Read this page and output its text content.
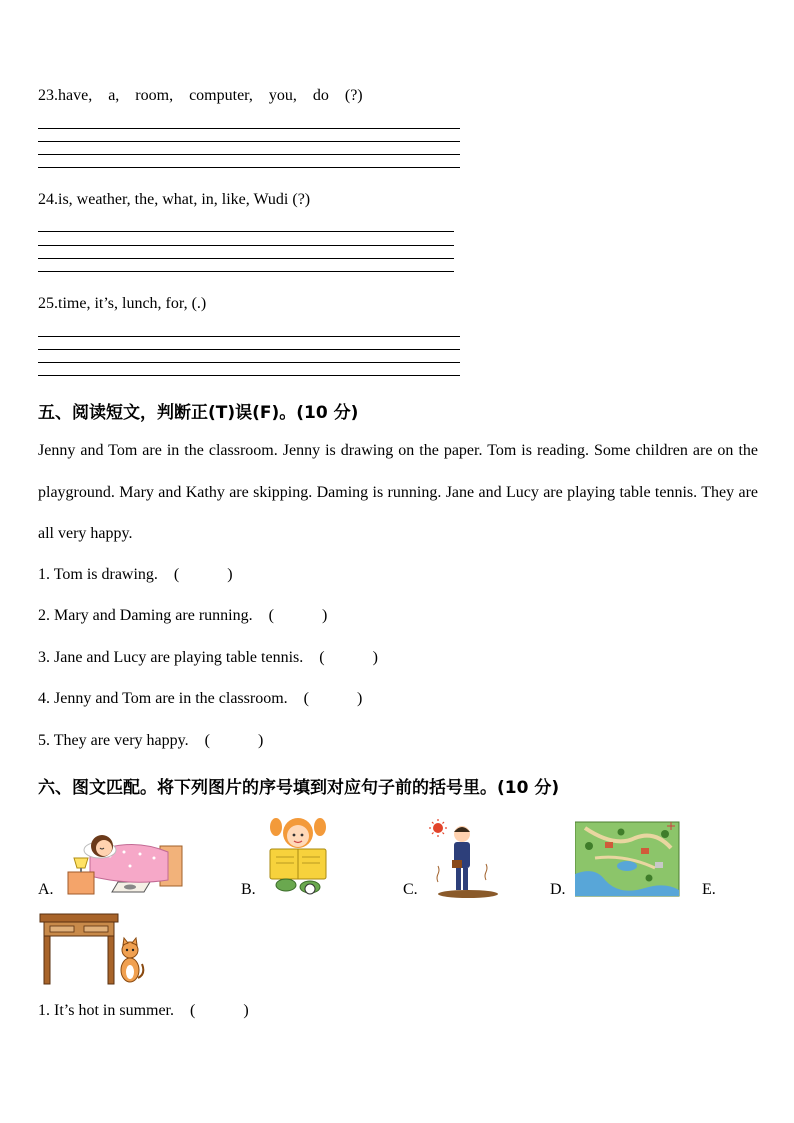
23.have,    a,    room,    computer,    you,    do    (?)
24.is, weather, the, what, in, like, Wudi (?)
25.time, it’s, lunch, for, (.)
五、阅读短文，判断正(T)误(F)。(10 分)
Jenny and Tom are in the classroom. Jenny is drawing on the paper. Tom is reading. Some children are on the playground. Mary and Kathy are skipping. Daming is running. Jane and Lucy are playing table tennis. They are all very happy.
1. Tom is drawing.    (            )
2. Mary and Daming are running.    (            )
3. Jane and Lucy are playing table tennis.    (            )
4. Jenny and Tom are in the classroom.    (            )
5. They are very happy.    (            )
六、图文匹配。将下列图片的序号填到对应句子前的括号里。(10 分)
A.	B.	C.	D.	E.
1. It’s hot in summer.    (            )
